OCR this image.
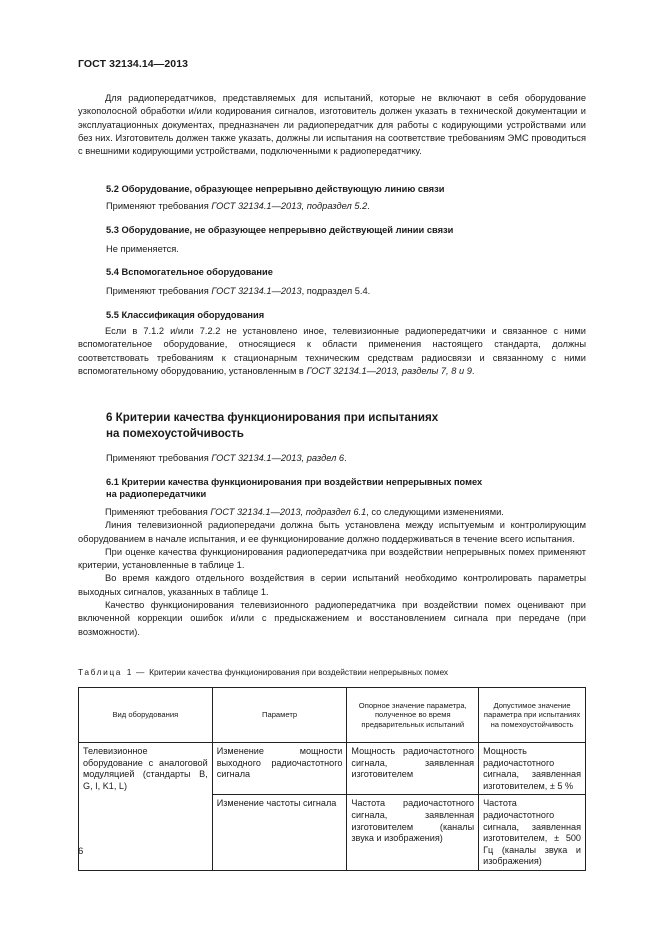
ГОСТ 32134.14—2013

Для радиопередатчиков, представляемых для испытаний, которые не включают в себя оборудование узкополосной обработки и/или кодирования сигналов, изготовитель должен указать в технической документации и эксплуатационных документах, предназначен ли радиопередатчик для работы с кодирующими устройствами или без них. Изготовитель должен также указать, должны ли испытания на соответствие требованиям ЭМС проводиться с внешними кодирующими устройствами, подключенными к радиопередатчику.

5.2 Оборудование, образующее непрерывно действующую линию связи
Применяют требования ГОСТ 32134.1—2013, подраздел 5.2.
5.3 Оборудование, не образующее непрерывно действующей линии связи
Не применяется.
5.4 Вспомогательное оборудование
Применяют требования ГОСТ 32134.1—2013, подраздел 5.4.
5.5 Классификация оборудования

Если в 7.1.2 и/или 7.2.2 не установлено иное, телевизионные радиопередатчики и связанное с ними вспомогательное оборудование, относящиеся к области применения настоящего стандарта, должны соответствовать требованиям к стационарным техническим средствам радиосвязи и связанному с ними вспомогательному оборудованию, установленным в ГОСТ 32134.1—2013, разделы 7, 8 и 9.

6 Критерии качества функционирования при испытаниях
на помехоустойчивость
Применяют требования ГОСТ 32134.1—2013, раздел 6.
6.1 Критерии качества функционирования при воздействии непрерывных помех
на радиопередатчики

Применяют требования ГОСТ 32134.1—2013, подраздел 6.1, со следующими изменениями.

Линия телевизионной радиопередачи должна быть установлена между испытуемым и контролирующим оборудованием в начале испытания, и ее функционирование должно поддерживаться в течение всего испытания.

При оценке качества функционирования радиопередатчика при воздействии непрерывных помех применяют критерии, установленные в таблице 1.

Во время каждого отдельного воздействия в серии испытаний необходимо контролировать параметры выходных сигналов, указанных в таблице 1.

Качество функционирования телевизионного радиопередатчика при воздействии помех оценивают при включенной коррекции ошибок и/или с предыскажением и восстановлением сигнала при передаче (при возможности).

Таблица 1 — Критерии качества функционирования при воздействии непрерывных помех
Вид оборудования	Параметр	Опорное значение параметра, полученное во время предварительных испытаний	Допустимое значение параметра при испытаниях на помехоустойчивость
Телевизионное оборудование с аналоговой модуляцией (стандарты B, G, I, K1, L)	Изменение мощности выходного радиочастотного сигнала	Мощность радиочастотного сигнала, заявленная изготовителем	Мощность радиочастотного сигнала, заявленная изготовителем, ± 5 %
	Изменение частоты сигнала	Частота радиочастотного сигнала, заявленная изготовителем (каналы звука и изображения)	Частота радиочастотного сигнала, заявленная изготовителем, ± 500 Гц (каналы звука и изображения)
6
